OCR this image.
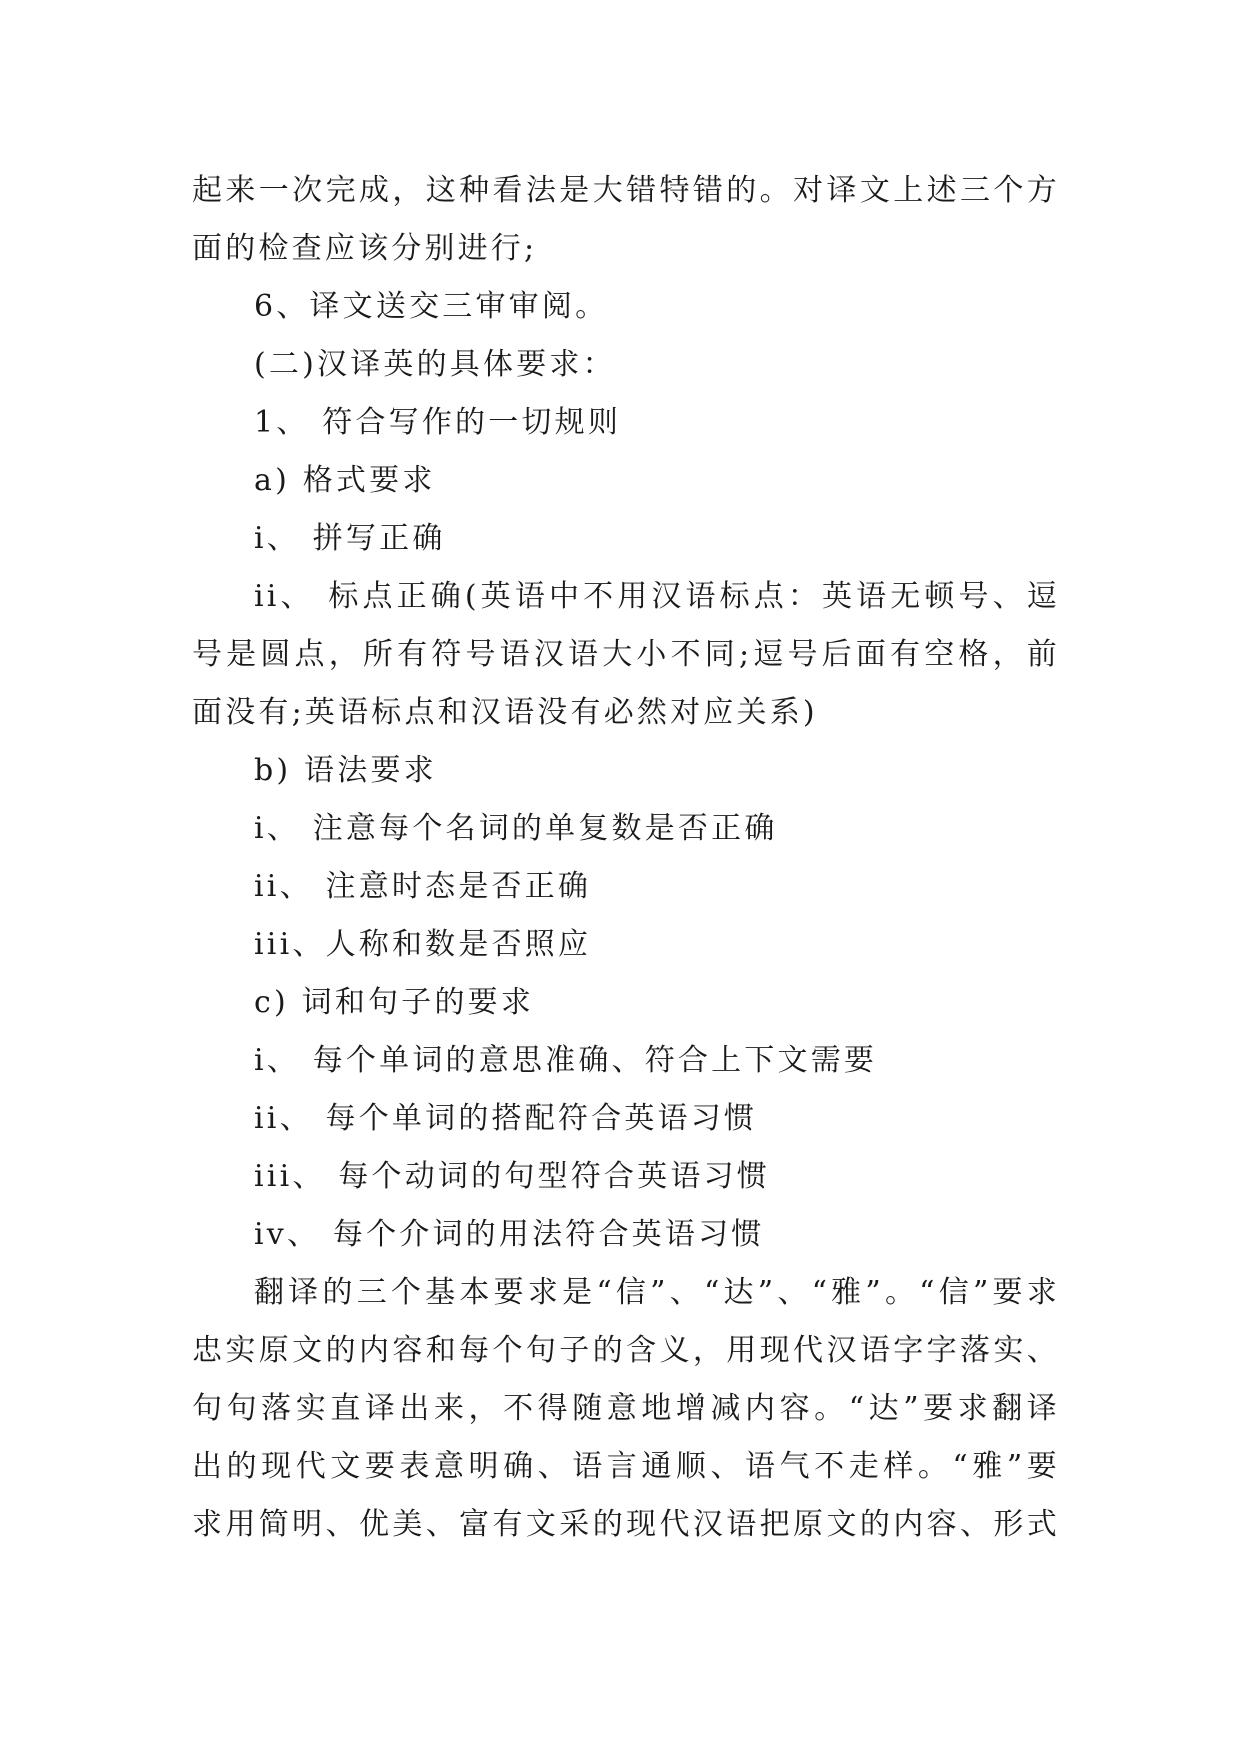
起来一次完成，这种看法是大错特错的。对译文上述三个方
面的检查应该分别进行;
6、译文送交三审审阅。
(二)汉译英的具体要求：
1、 符合写作的一切规则
a) 格式要求
i、 拼写正确
ii、 标点正确(英语中不用汉语标点：英语无顿号、逗
号是圆点，所有符号语汉语大小不同;逗号后面有空格，前
面没有;英语标点和汉语没有必然对应关系)
b) 语法要求
i、 注意每个名词的单复数是否正确
ii、 注意时态是否正确
iii、人称和数是否照应
c) 词和句子的要求
i、 每个单词的意思准确、符合上下文需要
ii、 每个单词的搭配符合英语习惯
iii、 每个动词的句型符合英语习惯
iv、 每个介词的用法符合英语习惯
翻译的三个基本要求是“信”、“达”、“雅”。“信”要求
忠实原文的内容和每个句子的含义，用现代汉语字字落实、
句句落实直译出来，不得随意地增减内容。“达”要求翻译
出的现代文要表意明确、语言通顺、语气不走样。“雅”要
求用简明、优美、富有文采的现代汉语把原文的内容、形式
